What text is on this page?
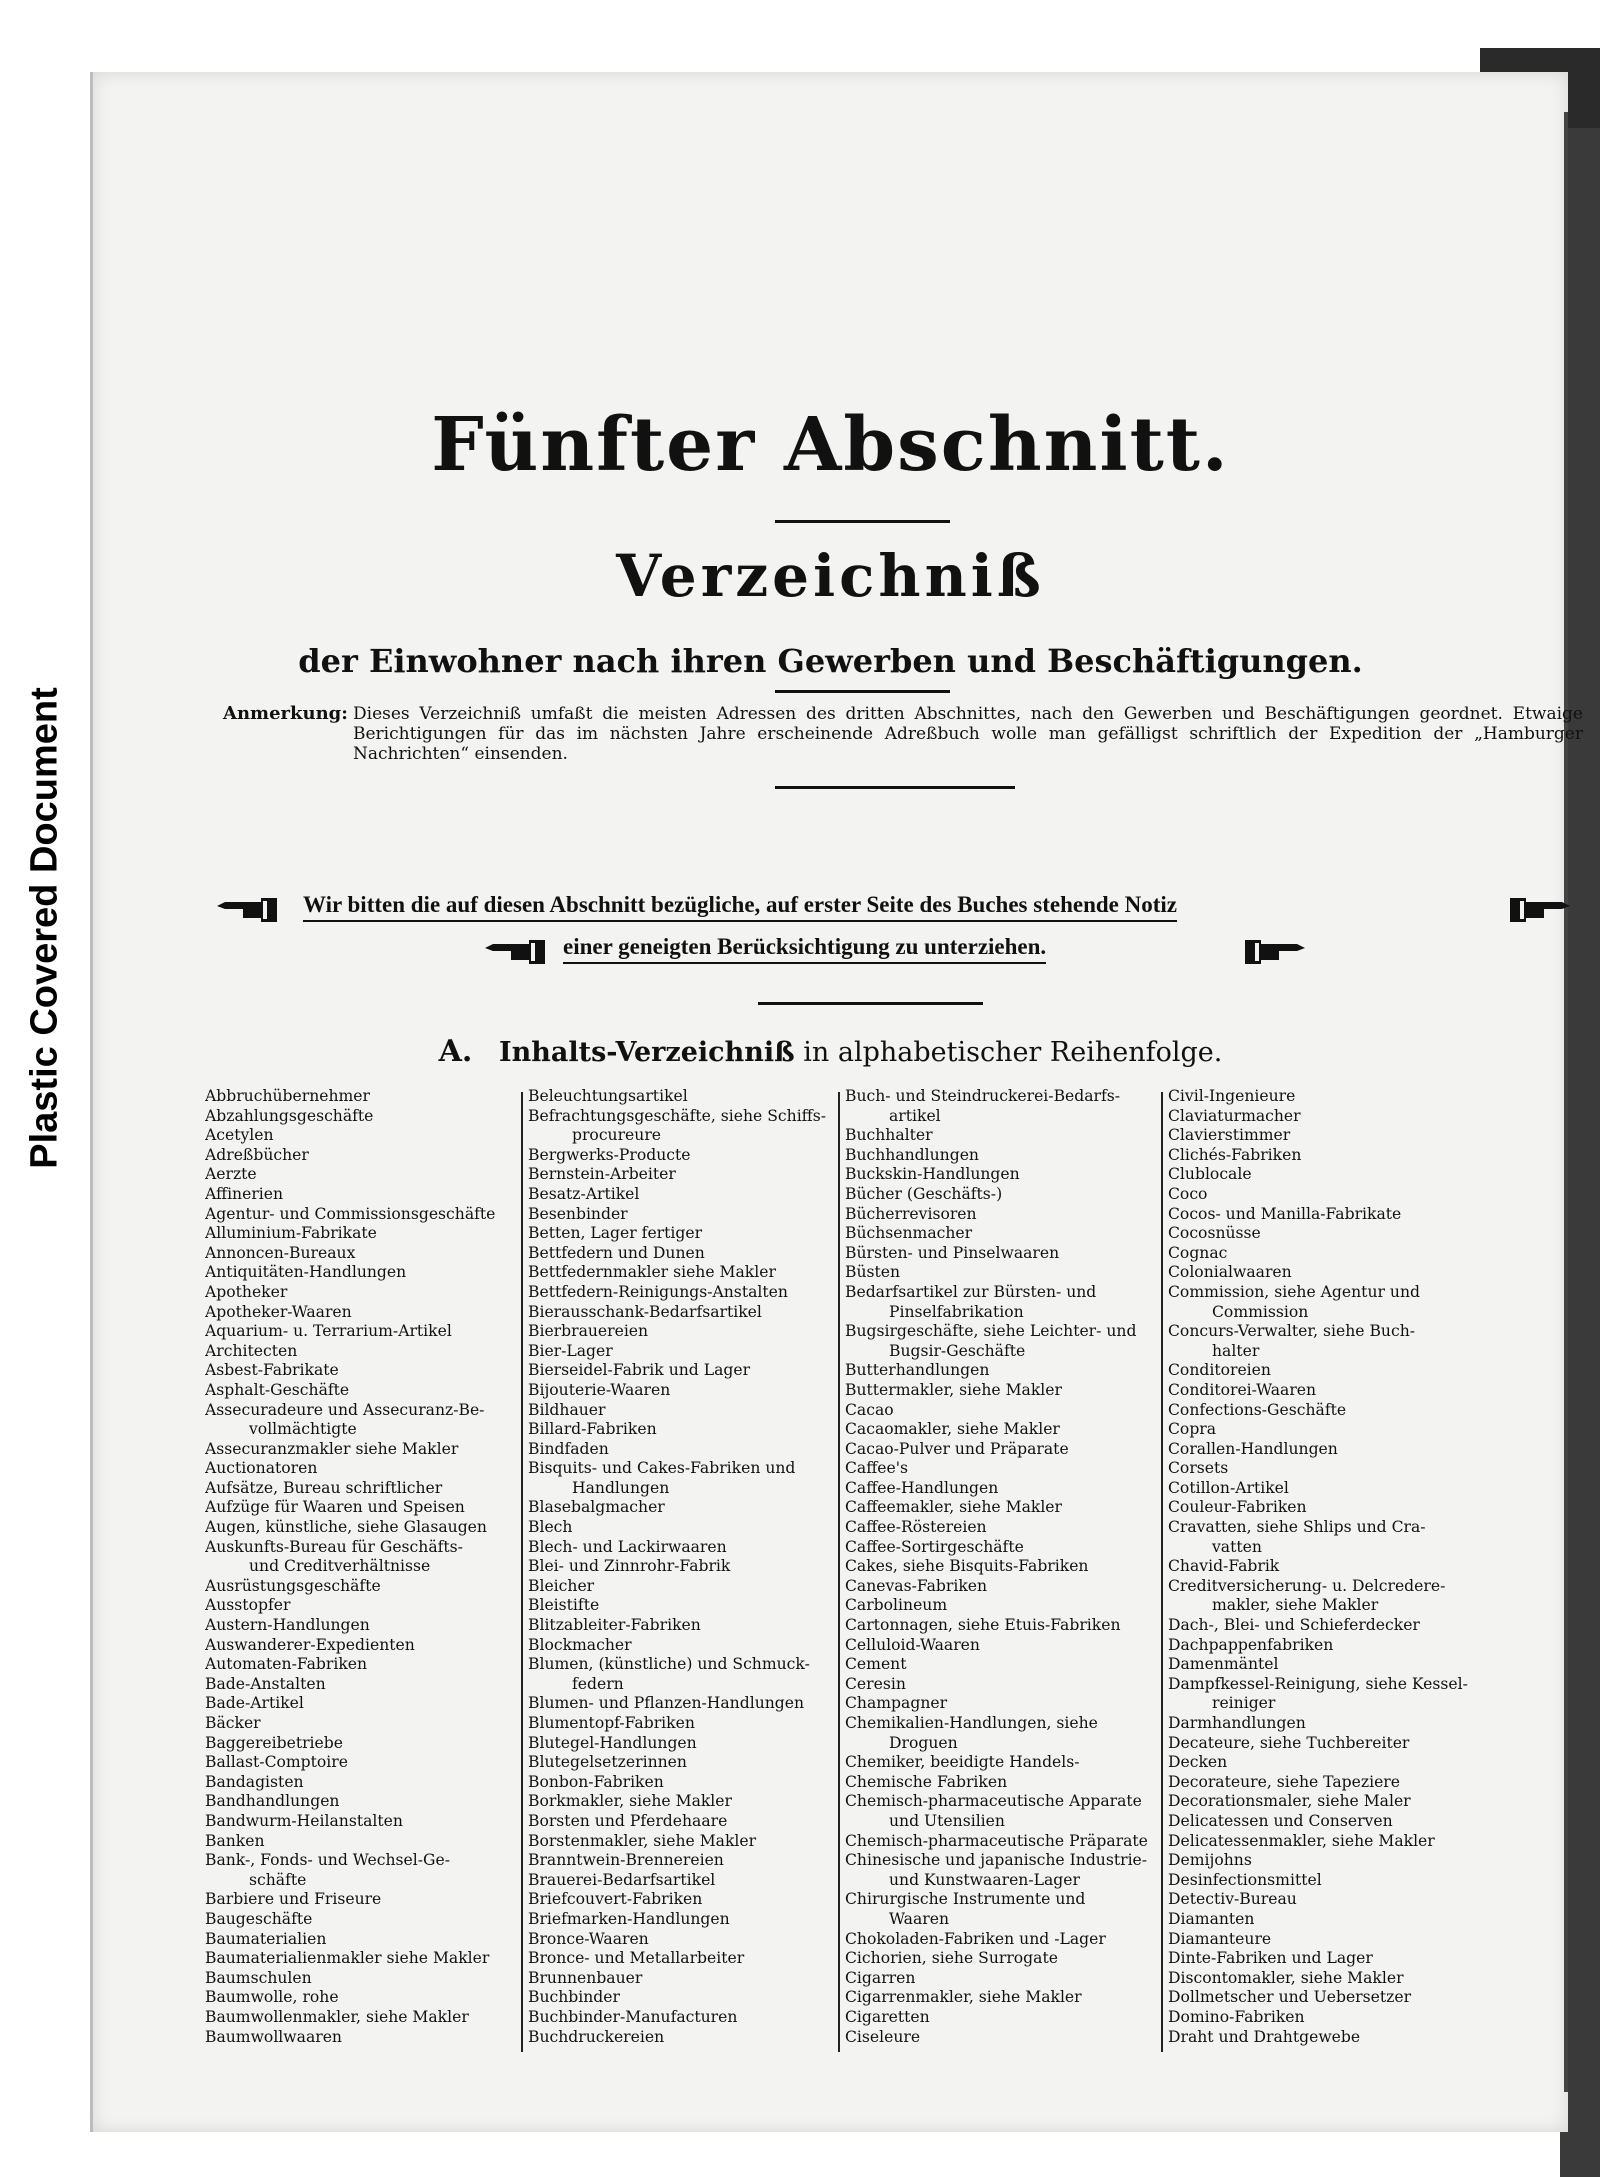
Plastic Covered Document
Fünfter Abschnitt.
Verzeichniß
der Einwohner nach ihren Gewerben und Beschäftigungen.
Anmerkung: Dieses Verzeichniß umfaßt die meisten Adressen des dritten Abschnittes, nach den Gewerben und Beschäftigungen geordnet. Etwaige Berichtigungen für das im nächsten Jahre erscheinende Adreßbuch wolle man gefälligst schriftlich der Expedition der „Hamburger Nachrichten“ einsenden.
Wir bitten die auf diesen Abschnitt bezügliche, auf erster Seite des Buches stehende Notiz
einer geneigten Berücksichtigung zu unterziehen.
A. Inhalts-Verzeichniß in alphabetischer Reihenfolge.
Abbruchübernehmer
Abzahlungsgeschäfte
Acetylen
Adreßbücher
Aerzte
Affinerien
Agentur- und Commissionsgeschäfte
Alluminium-Fabrikate
Annoncen-Bureaux
Antiquitäten-Handlungen
Apotheker
Apotheker-Waaren
Aquarium- u. Terrarium-Artikel
Architecten
Asbest-Fabrikate
Asphalt-Geschäfte
Assecuradeure und Assecuranz-Be-
vollmächtigte
Assecuranzmakler siehe Makler
Auctionatoren
Aufsätze, Bureau schriftlicher
Aufzüge für Waaren und Speisen
Augen, künstliche, siehe Glasaugen
Auskunfts-Bureau für Geschäfts-
und Creditverhältnisse
Ausrüstungsgeschäfte
Ausstopfer
Austern-Handlungen
Auswanderer-Expedienten
Automaten-Fabriken
Bade-Anstalten
Bade-Artikel
Bäcker
Baggereibetriebe
Ballast-Comptoire
Bandagisten
Bandhandlungen
Bandwurm-Heilanstalten
Banken
Bank-, Fonds- und Wechsel-Ge-
schäfte
Barbiere und Friseure
Baugeschäfte
Baumaterialien
Baumaterialienmakler siehe Makler
Baumschulen
Baumwolle, rohe
Baumwollenmakler, siehe Makler
Baumwollwaaren
Beleuchtungsartikel
Befrachtungsgeschäfte, siehe Schiffs-
procureure
Bergwerks-Producte
Bernstein-Arbeiter
Besatz-Artikel
Besenbinder
Betten, Lager fertiger
Bettfedern und Dunen
Bettfedernmakler siehe Makler
Bettfedern-Reinigungs-Anstalten
Bierausschank-Bedarfsartikel
Bierbrauereien
Bier-Lager
Bierseidel-Fabrik und Lager
Bijouterie-Waaren
Bildhauer
Billard-Fabriken
Bindfaden
Bisquits- und Cakes-Fabriken und
Handlungen
Blasebalgmacher
Blech
Blech- und Lackirwaaren
Blei- und Zinnrohr-Fabrik
Bleicher
Bleistifte
Blitzableiter-Fabriken
Blockmacher
Blumen, (künstliche) und Schmuck-
federn
Blumen- und Pflanzen-Handlungen
Blumentopf-Fabriken
Blutegel-Handlungen
Blutegelsetzerinnen
Bonbon-Fabriken
Borkmakler, siehe Makler
Borsten und Pferdehaare
Borstenmakler, siehe Makler
Branntwein-Brennereien
Brauerei-Bedarfsartikel
Briefcouvert-Fabriken
Briefmarken-Handlungen
Bronce-Waaren
Bronce- und Metallarbeiter
Brunnenbauer
Buchbinder
Buchbinder-Manufacturen
Buchdruckereien
Buch- und Steindruckerei-Bedarfs-
artikel
Buchhalter
Buchhandlungen
Buckskin-Handlungen
Bücher (Geschäfts-)
Bücherrevisoren
Büchsenmacher
Bürsten- und Pinselwaaren
Büsten
Bedarfsartikel zur Bürsten- und
Pinselfabrikation
Bugsirgeschäfte, siehe Leichter- und
Bugsir-Geschäfte
Butterhandlungen
Buttermakler, siehe Makler
Cacao
Cacaomakler, siehe Makler
Cacao-Pulver und Präparate
Caffee's
Caffee-Handlungen
Caffeemakler, siehe Makler
Caffee-Röstereien
Caffee-Sortirgeschäfte
Cakes, siehe Bisquits-Fabriken
Canevas-Fabriken
Carbolineum
Cartonnagen, siehe Etuis-Fabriken
Celluloid-Waaren
Cement
Ceresin
Champagner
Chemikalien-Handlungen, siehe
Droguen
Chemiker, beeidigte Handels-
Chemische Fabriken
Chemisch-pharmaceutische Apparate
und Utensilien
Chemisch-pharmaceutische Präparate
Chinesische und japanische Industrie-
und Kunstwaaren-Lager
Chirurgische Instrumente und
Waaren
Chokoladen-Fabriken und -Lager
Cichorien, siehe Surrogate
Cigarren
Cigarrenmakler, siehe Makler
Cigaretten
Ciseleure
Civil-Ingenieure
Claviaturmacher
Clavierstimmer
Clichés-Fabriken
Clublocale
Coco
Cocos- und Manilla-Fabrikate
Cocosnüsse
Cognac
Colonialwaaren
Commission, siehe Agentur und
Commission
Concurs-Verwalter, siehe Buch-
halter
Conditoreien
Conditorei-Waaren
Confections-Geschäfte
Copra
Corallen-Handlungen
Corsets
Cotillon-Artikel
Couleur-Fabriken
Cravatten, siehe Shlips und Cra-
vatten
Chavid-Fabrik
Creditversicherung- u. Delcredere-
makler, siehe Makler
Dach-, Blei- und Schieferdecker
Dachpappenfabriken
Damenmäntel
Dampfkessel-Reinigung, siehe Kessel-
reiniger
Darmhandlungen
Decateure, siehe Tuchbereiter
Decken
Decorateure, siehe Tapeziere
Decorationsmaler, siehe Maler
Delicatessen und Conserven
Delicatessenmakler, siehe Makler
Demijohns
Desinfectionsmittel
Detectiv-Bureau
Diamanten
Diamanteure
Dinte-Fabriken und Lager
Discontomakler, siehe Makler
Dollmetscher und Uebersetzer
Domino-Fabriken
Draht und Drahtgewebe
